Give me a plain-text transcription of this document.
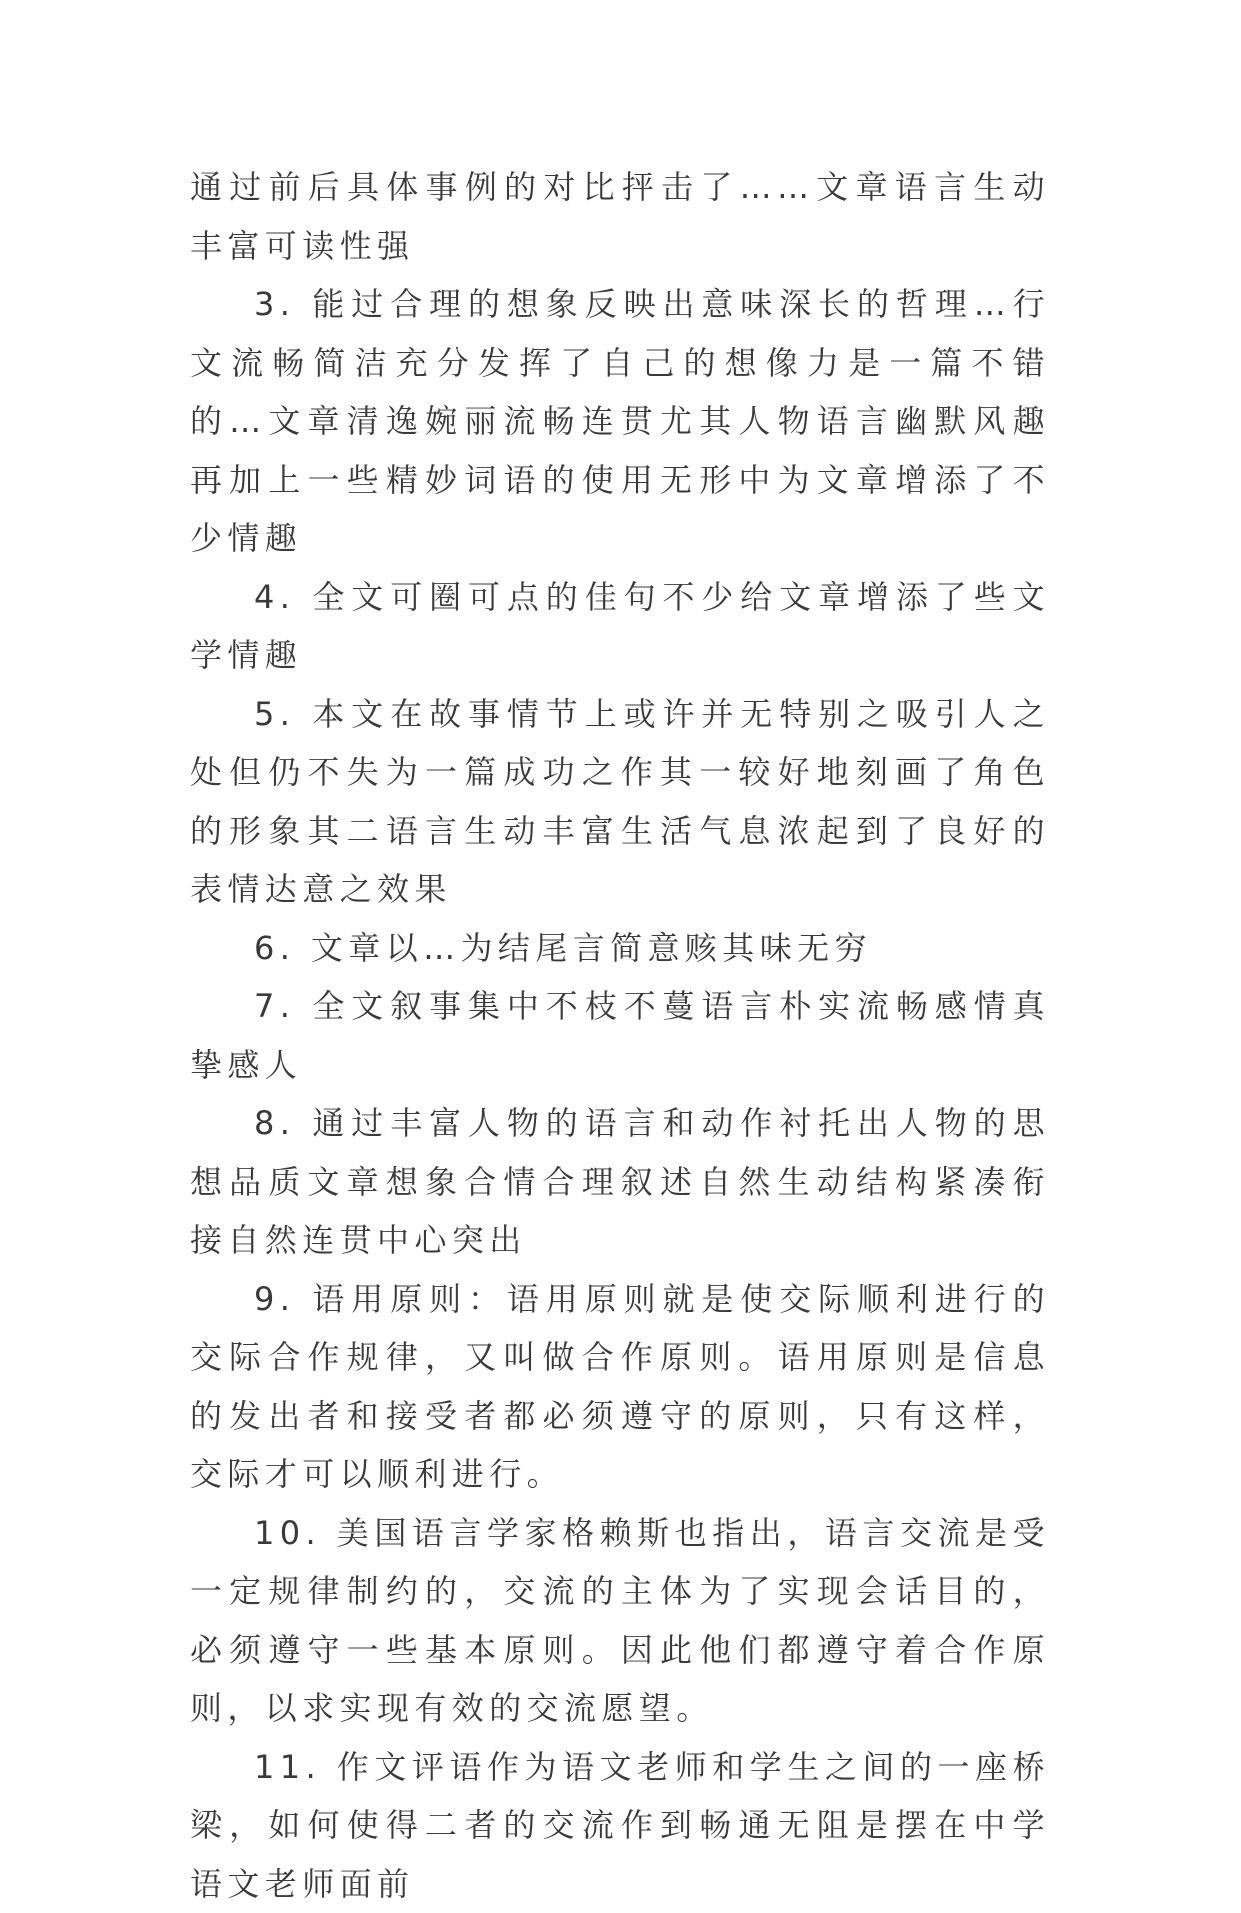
通过前后具体事例的对比抨击了……文章语言生动丰富可读性强

3. 能过合理的想象反映出意味深长的哲理…行文流畅简洁充分发挥了自己的想像力是一篇不错的…文章清逸婉丽流畅连贯尤其人物语言幽默风趣再加上一些精妙词语的使用无形中为文章增添了不少情趣

4. 全文可圈可点的佳句不少给文章增添了些文学情趣

5. 本文在故事情节上或许并无特别之吸引人之处但仍不失为一篇成功之作其一较好地刻画了角色的形象其二语言生动丰富生活气息浓起到了良好的表情达意之效果

6. 文章以…为结尾言简意赅其味无穷

7. 全文叙事集中不枝不蔓语言朴实流畅感情真挚感人

8. 通过丰富人物的语言和动作衬托出人物的思想品质文章想象合情合理叙述自然生动结构紧凑衔接自然连贯中心突出

9. 语用原则：语用原则就是使交际顺利进行的交际合作规律，又叫做合作原则。语用原则是信息的发出者和接受者都必须遵守的原则，只有这样，交际才可以顺利进行。

10. 美国语言学家格赖斯也指出，语言交流是受一定规律制约的，交流的主体为了实现会话目的，必须遵守一些基本原则。因此他们都遵守着合作原则，以求实现有效的交流愿望。

11. 作文评语作为语文老师和学生之间的一座桥梁，如何使得二者的交流作到畅通无阻是摆在中学语文老师面前
